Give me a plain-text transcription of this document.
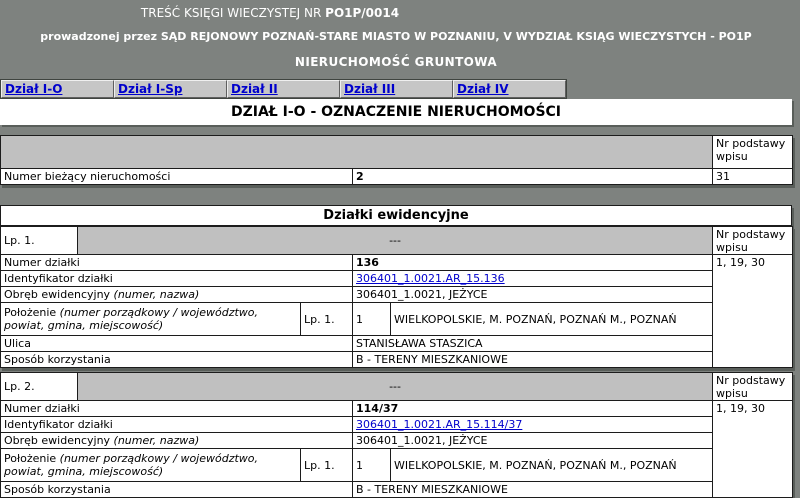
TREŚĆ KSIĘGI WIECZYSTEJ NR PO1P/0014
prowadzonej przez SĄD REJONOWY POZNAŃ-STARE MIASTO W POZNANIU, V WYDZIAŁ KSIĄG WIECZYSTYCH - PO1P
NIERUCHOMOŚĆ GRUNTOWA
Dział I-O	Dział I-Sp	Dział II	Dział III	Dział IV
DZIAŁ I-O - OZNACZENIE NIERUCHOMOŚCI
		Nr podstawy wpisu
Numer bieżący nieruchomości	2	31
Działki ewidencyjne
Lp. 1.	---				Nr podstawy wpisu
Numer działki			136		1, 19, 30
Identyfikator działki			306401_1.0021.AR_15.136		
Obręb ewidencyjny (numer, nazwa)			306401_1.0021, JEŻYCE		
Położenie (numer porządkowy / województwo, powiat, gmina, miejscowość)		Lp. 1.	1	WIELKOPOLSKIE, M. POZNAŃ, POZNAŃ M., POZNAŃ	
Ulica			STANISŁAWA STASZICA		
Sposób korzystania			B - TERENY MIESZKANIOWE		
Lp. 2.	---				Nr podstawy wpisu
Numer działki			114/37		1, 19, 30
Identyfikator działki			306401_1.0021.AR_15.114/37		
Obręb ewidencyjny (numer, nazwa)			306401_1.0021, JEŻYCE		
Położenie (numer porządkowy / województwo, powiat, gmina, miejscowość)		Lp. 1.	1	WIELKOPOLSKIE, M. POZNAŃ, POZNAŃ M., POZNAŃ	
Sposób korzystania			B - TERENY MIESZKANIOWE		
